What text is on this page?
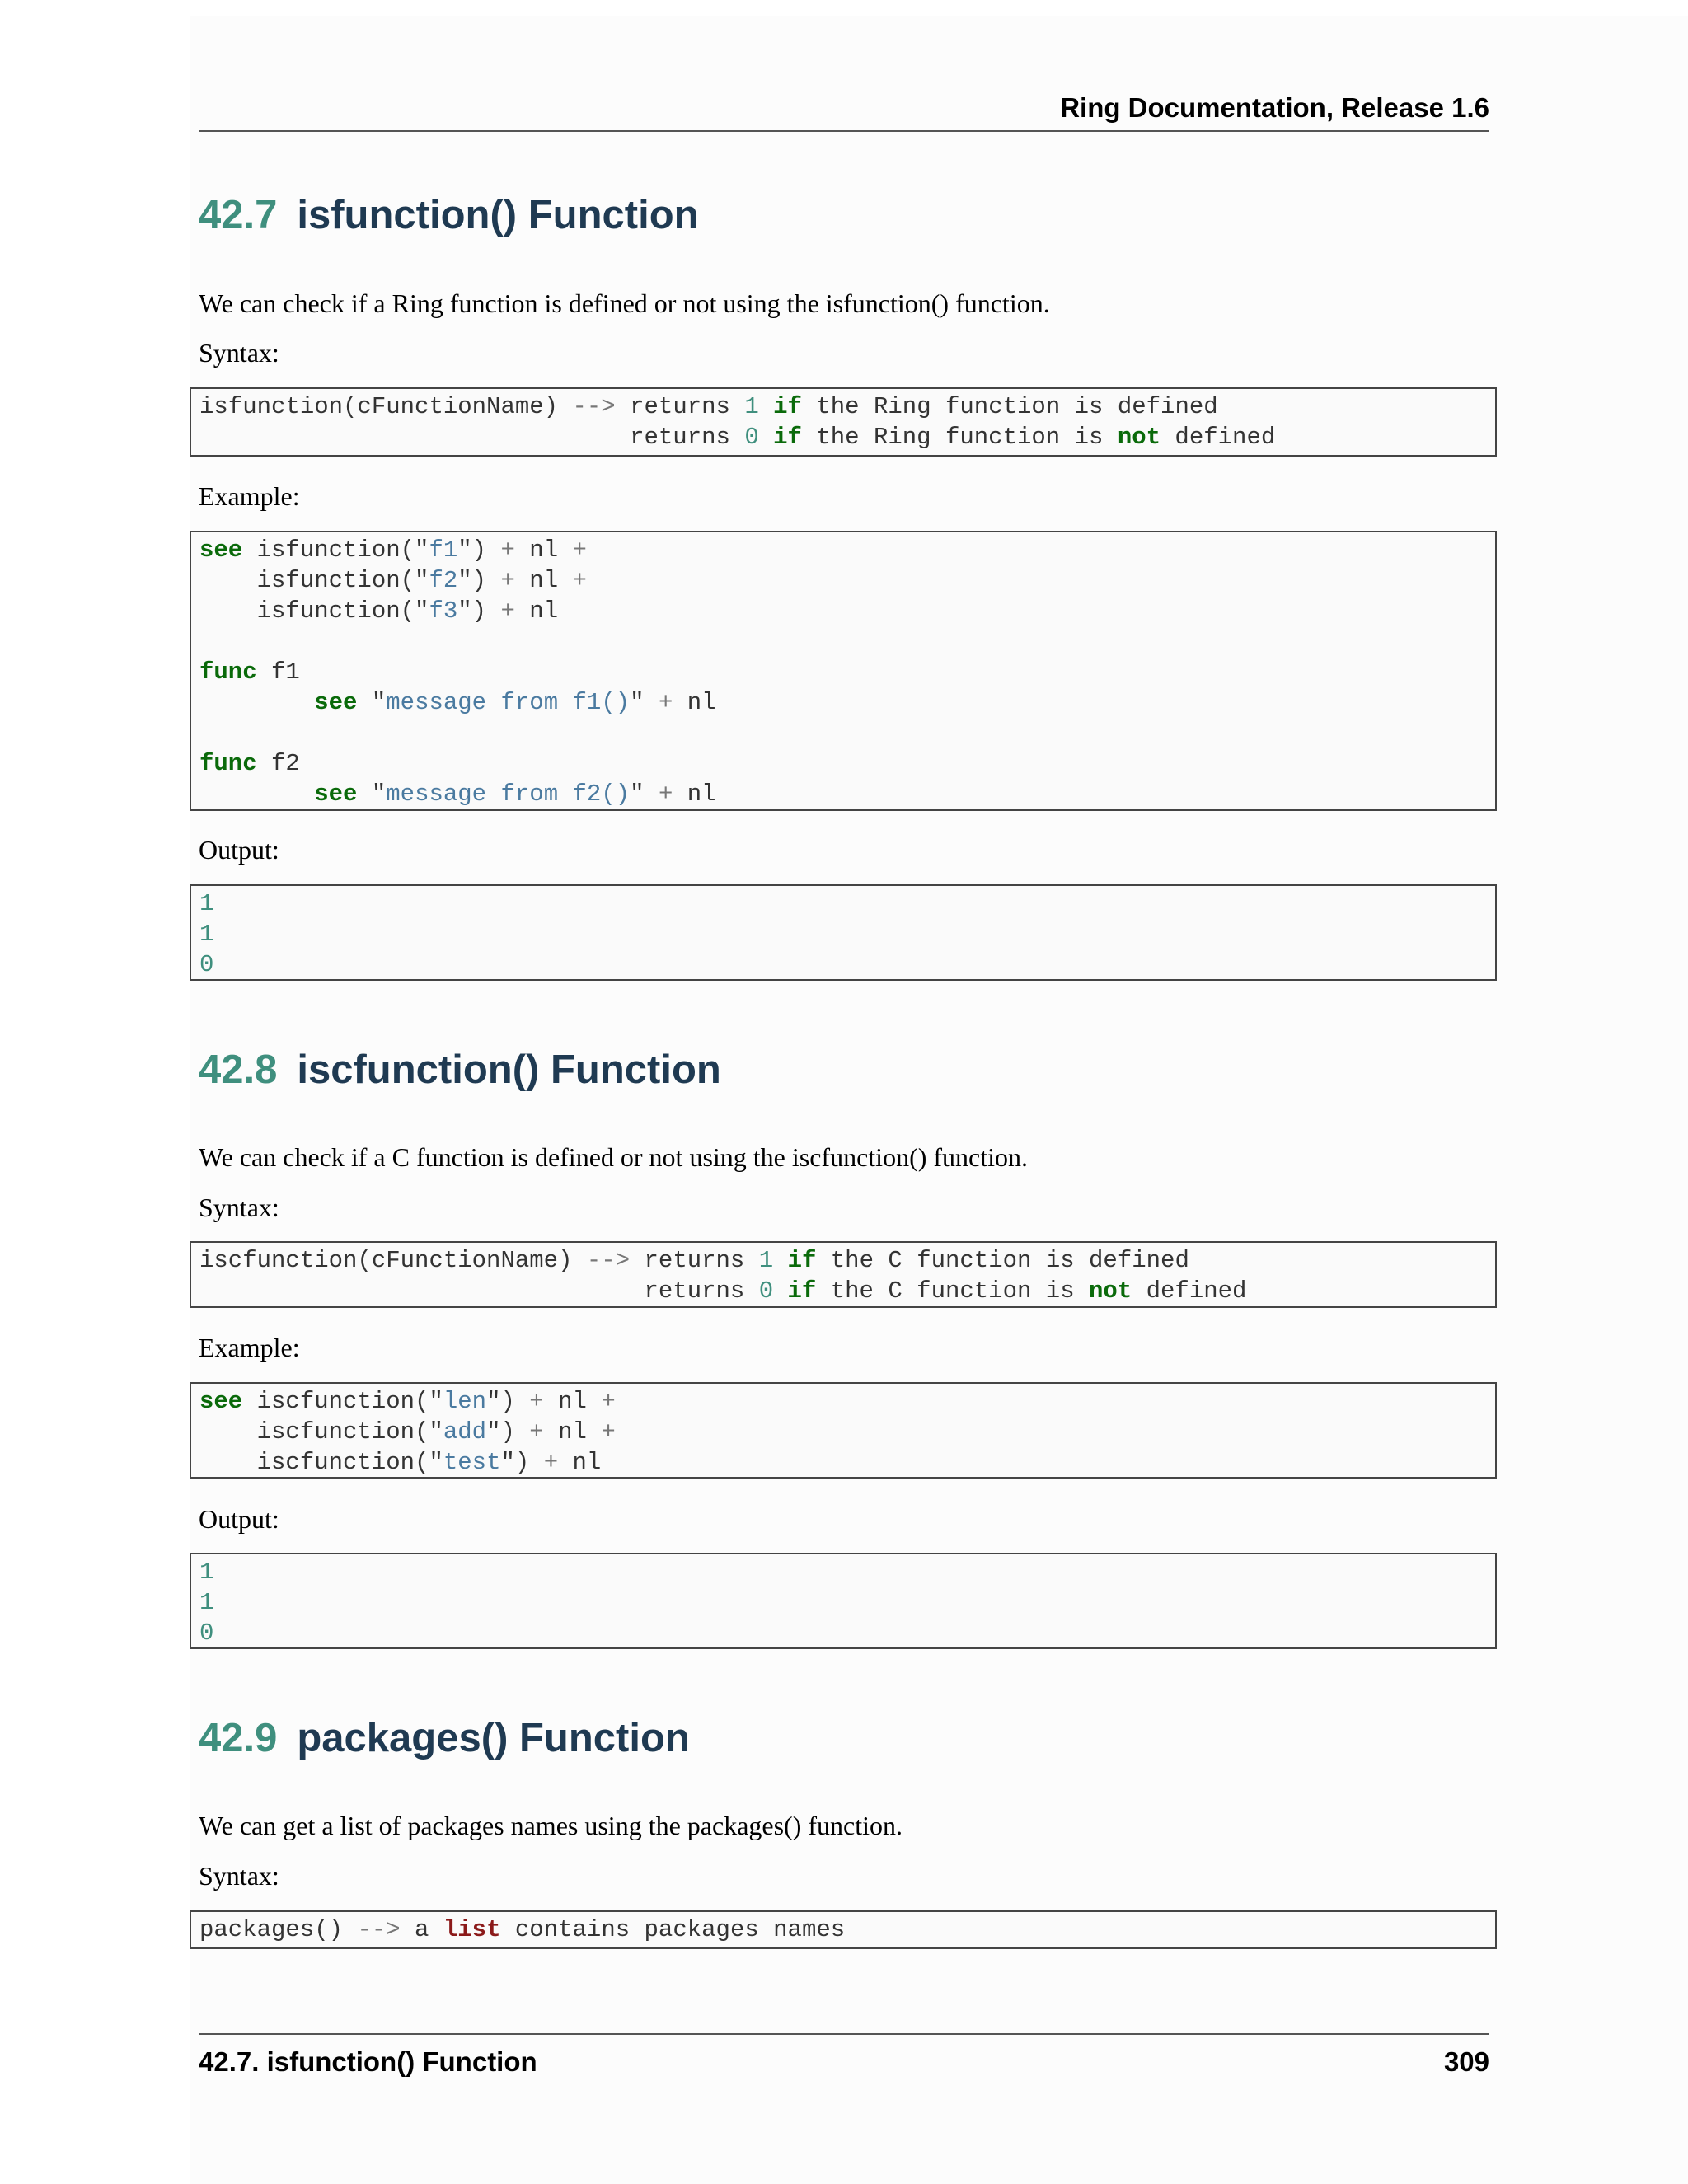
Ring Documentation, Release 1.6
42.7 isfunction() Function

We can check if a Ring function is defined or not using the isfunction() function.

Syntax:

isfunction(cFunctionName) --> returns 1 if the Ring function is defined
returns 0 if the Ring function is not defined

Example:

see isfunction("f1") + nl +
isfunction("f2") + nl +
isfunction("f3") + nl

func f1
see "message from f1()" + nl

func f2
see "message from f2()" + nl

Output:

1
1
0
42.8 iscfunction() Function

We can check if a C function is defined or not using the iscfunction() function.

Syntax:

iscfunction(cFunctionName) --> returns 1 if the C function is defined
returns 0 if the C function is not defined

Example:

see iscfunction("len") + nl +
iscfunction("add") + nl +
iscfunction("test") + nl

Output:

1
1
0
42.9 packages() Function

We can get a list of packages names using the packages() function.

Syntax:

packages() --> a list contains packages names
42.7. isfunction() Function	309
